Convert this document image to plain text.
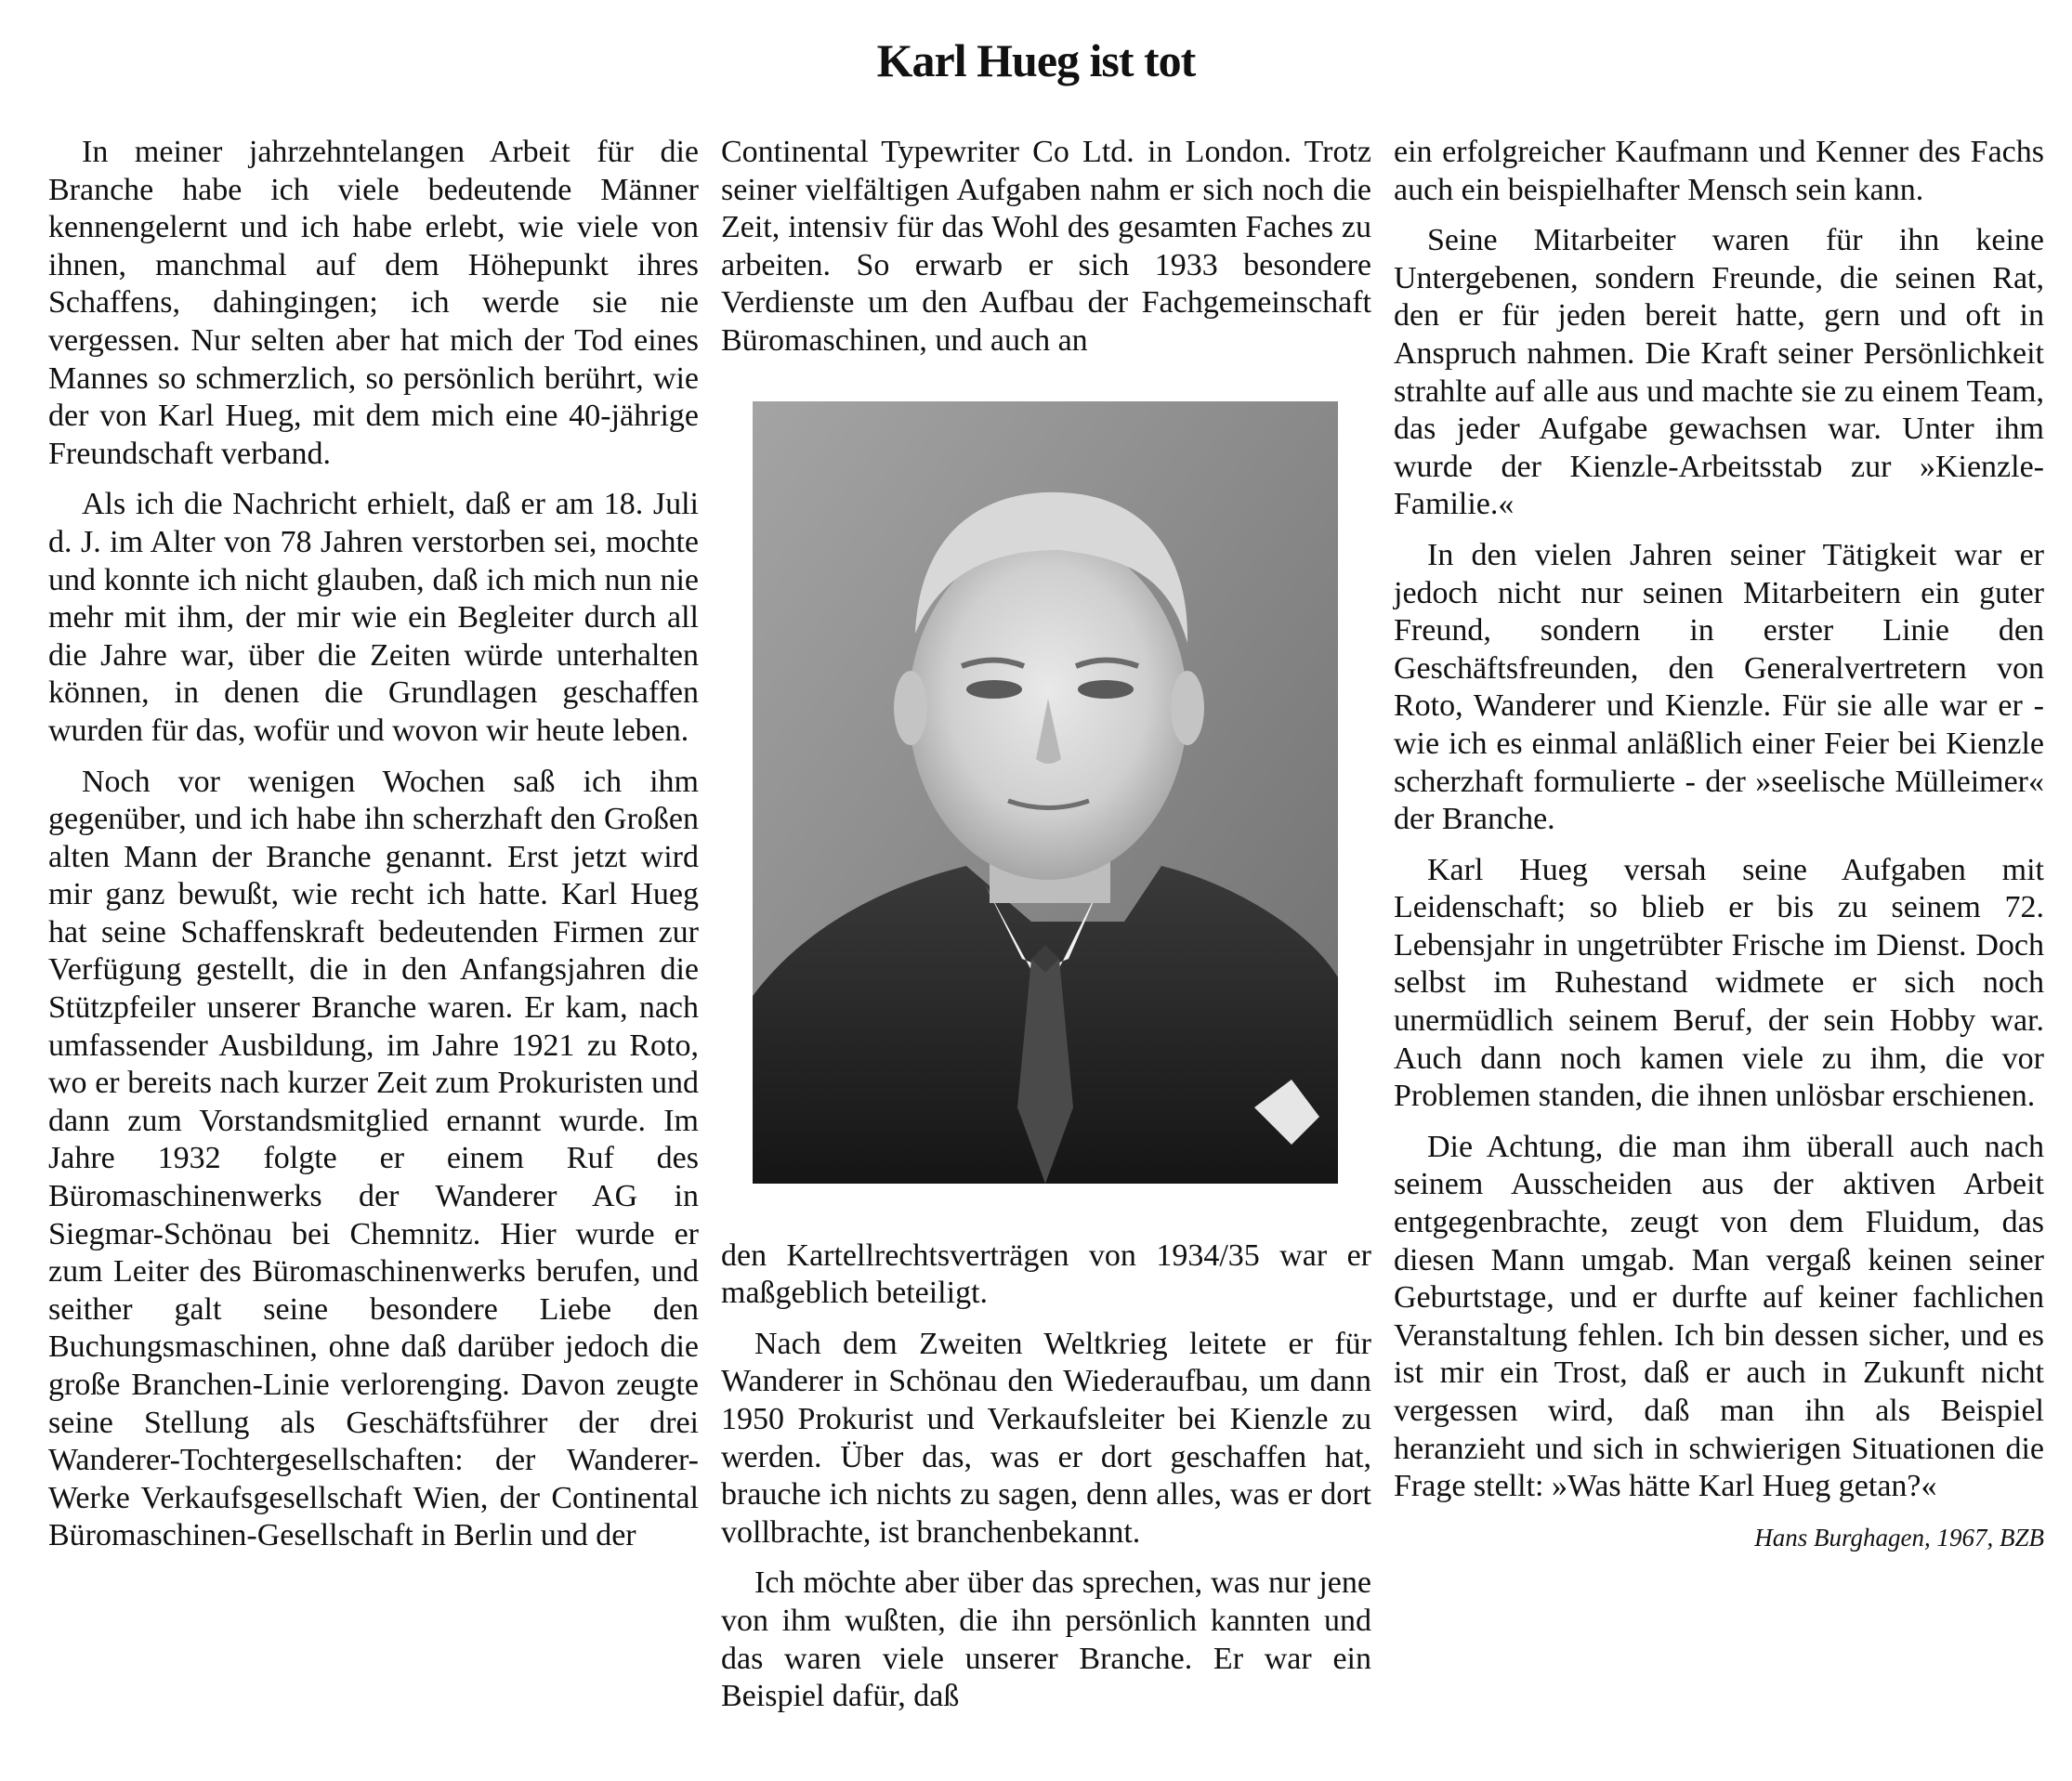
Karl Hueg ist tot

In meiner jahrzehntelangen Arbeit für die Branche habe ich viele bedeutende Männer kennengelernt und ich habe erlebt, wie viele von ihnen, manchmal auf dem Höhepunkt ihres Schaffens, dahingingen; ich werde sie nie vergessen. Nur selten aber hat mich der Tod eines Mannes so schmerzlich, so persönlich berührt, wie der von Karl Hueg, mit dem mich eine 40-jährige Freundschaft verband.

Als ich die Nachricht erhielt, daß er am 18. Juli d. J. im Alter von 78 Jahren verstorben sei, mochte und konnte ich nicht glauben, daß ich mich nun nie mehr mit ihm, der mir wie ein Begleiter durch all die Jahre war, über die Zeiten würde unterhalten können, in denen die Grundlagen geschaffen wurden für das, wofür und wovon wir heute leben.

Noch vor wenigen Wochen saß ich ihm gegenüber, und ich habe ihn scherzhaft den Großen alten Mann der Branche genannt. Erst jetzt wird mir ganz bewußt, wie recht ich hatte. Karl Hueg hat seine Schaffenskraft bedeutenden Firmen zur Verfügung gestellt, die in den Anfangsjahren die Stützpfeiler unserer Branche waren. Er kam, nach umfassender Ausbildung, im Jahre 1921 zu Roto, wo er bereits nach kurzer Zeit zum Prokuristen und dann zum Vorstandsmitglied ernannt wurde. Im Jahre 1932 folgte er einem Ruf des Büromaschinenwerks der Wanderer AG in Siegmar-Schönau bei Chemnitz. Hier wurde er zum Leiter des Büromaschinenwerks berufen, und seither galt seine besondere Liebe den Buchungsmaschinen, ohne daß darüber jedoch die große Branchen-Linie verlorenging. Davon zeugte seine Stellung als Geschäftsführer der drei Wanderer-Tochtergesellschaften: der Wanderer-Werke Verkaufsgesellschaft Wien, der Continental Büromaschinen-Gesellschaft in Berlin und der

Continental Typewriter Co Ltd. in London. Trotz seiner vielfältigen Aufgaben nahm er sich noch die Zeit, intensiv für das Wohl des gesamten Faches zu arbeiten. So erwarb er sich 1933 besondere Verdienste um den Aufbau der Fachgemeinschaft Büromaschinen, und auch an

den Kartellrechtsverträgen von 1934/35 war er maßgeblich beteiligt.

Nach dem Zweiten Weltkrieg leitete er für Wanderer in Schönau den Wiederaufbau, um dann 1950 Prokurist und Verkaufsleiter bei Kienzle zu werden. Über das, was er dort geschaffen hat, brauche ich nichts zu sagen, denn alles, was er dort vollbrachte, ist branchenbekannt.

Ich möchte aber über das sprechen, was nur jene von ihm wußten, die ihn persönlich kannten und das waren viele unserer Branche. Er war ein Beispiel dafür, daß

ein erfolgreicher Kaufmann und Kenner des Fachs auch ein beispielhafter Mensch sein kann.

Seine Mitarbeiter waren für ihn keine Untergebenen, sondern Freunde, die seinen Rat, den er für jeden bereit hatte, gern und oft in Anspruch nahmen. Die Kraft seiner Persönlichkeit strahlte auf alle aus und machte sie zu einem Team, das jeder Aufgabe gewachsen war. Unter ihm wurde der Kienzle-Arbeitsstab zur »Kienzle-Familie.«

In den vielen Jahren seiner Tätigkeit war er jedoch nicht nur seinen Mitarbeitern ein guter Freund, sondern in erster Linie den Geschäftsfreunden, den Generalvertretern von Roto, Wanderer und Kienzle. Für sie alle war er - wie ich es einmal anläßlich einer Feier bei Kienzle scherzhaft formulierte - der »seelische Mülleimer« der Branche.

Karl Hueg versah seine Aufgaben mit Leidenschaft; so blieb er bis zu seinem 72. Lebensjahr in ungetrübter Frische im Dienst. Doch selbst im Ruhestand widmete er sich noch unermüdlich seinem Beruf, der sein Hobby war. Auch dann noch kamen viele zu ihm, die vor Problemen standen, die ihnen unlösbar erschienen.

Die Achtung, die man ihm überall auch nach seinem Ausscheiden aus der aktiven Arbeit entgegenbrachte, zeugt von dem Fluidum, das diesen Mann umgab. Man vergaß keinen seiner Geburtstage, und er durfte auf keiner fachlichen Veranstaltung fehlen. Ich bin dessen sicher, und es ist mir ein Trost, daß er auch in Zukunft nicht vergessen wird, daß man ihn als Beispiel heranzieht und sich in schwierigen Situationen die Frage stellt: »Was hätte Karl Hueg getan?«

Hans Burghagen, 1967, BZB
